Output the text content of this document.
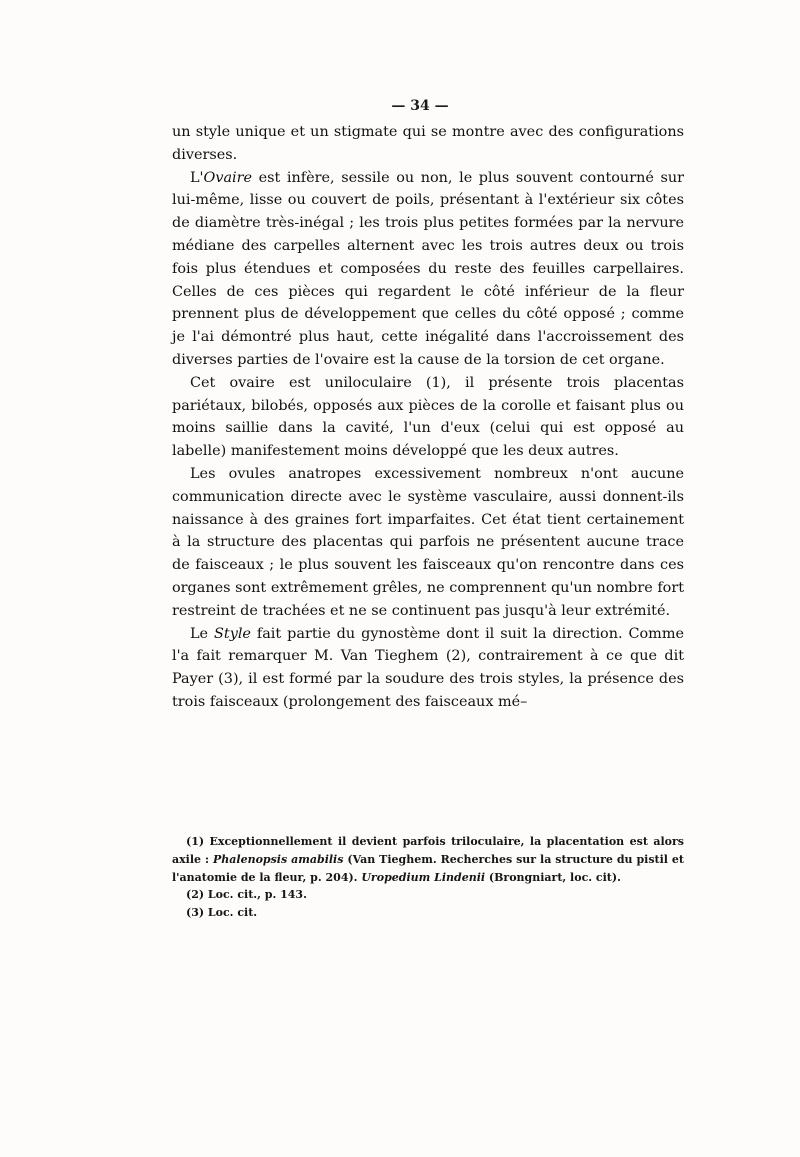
— 34 —

un style unique et un stigmate qui se montre avec des configurations diverses.

L'Ovaire est infère, sessile ou non, le plus souvent contourné sur lui-même, lisse ou couvert de poils, présentant à l'extérieur six côtes de diamètre très-inégal ; les trois plus petites formées par la nervure médiane des carpelles alternent avec les trois autres deux ou trois fois plus étendues et composées du reste des feuilles carpellaires. Celles de ces pièces qui regardent le côté inférieur de la fleur prennent plus de développement que celles du côté opposé ; comme je l'ai démontré plus haut, cette inégalité dans l'accroissement des diverses parties de l'ovaire est la cause de la torsion de cet organe.

Cet ovaire est uniloculaire (1), il présente trois placentas pariétaux, bilobés, opposés aux pièces de la corolle et faisant plus ou moins saillie dans la cavité, l'un d'eux (celui qui est opposé au labelle) manifestement moins développé que les deux autres.

Les ovules anatropes excessivement nombreux n'ont aucune communication directe avec le système vasculaire, aussi donnent-ils naissance à des graines fort imparfaites. Cet état tient certainement à la structure des placentas qui parfois ne présentent aucune trace de faisceaux ; le plus souvent les faisceaux qu'on rencontre dans ces organes sont extrêmement grêles, ne comprennent qu'un nombre fort restreint de trachées et ne se continuent pas jusqu'à leur extrémité.

Le Style fait partie du gynostème dont il suit la direction. Comme l'a fait remarquer M. Van Tieghem (2), contrairement à ce que dit Payer (3), il est formé par la soudure des trois styles, la présence des trois faisceaux (prolongement des faisceaux mé–

(1) Exceptionnellement il devient parfois triloculaire, la placentation est alors axile : Phalenopsis amabilis (Van Tieghem. Recherches sur la structure du pistil et l'anatomie de la fleur, p. 204). Uropedium Lindenii (Brongniart, loc. cit).

(2) Loc. cit., p. 143.

(3) Loc. cit.
